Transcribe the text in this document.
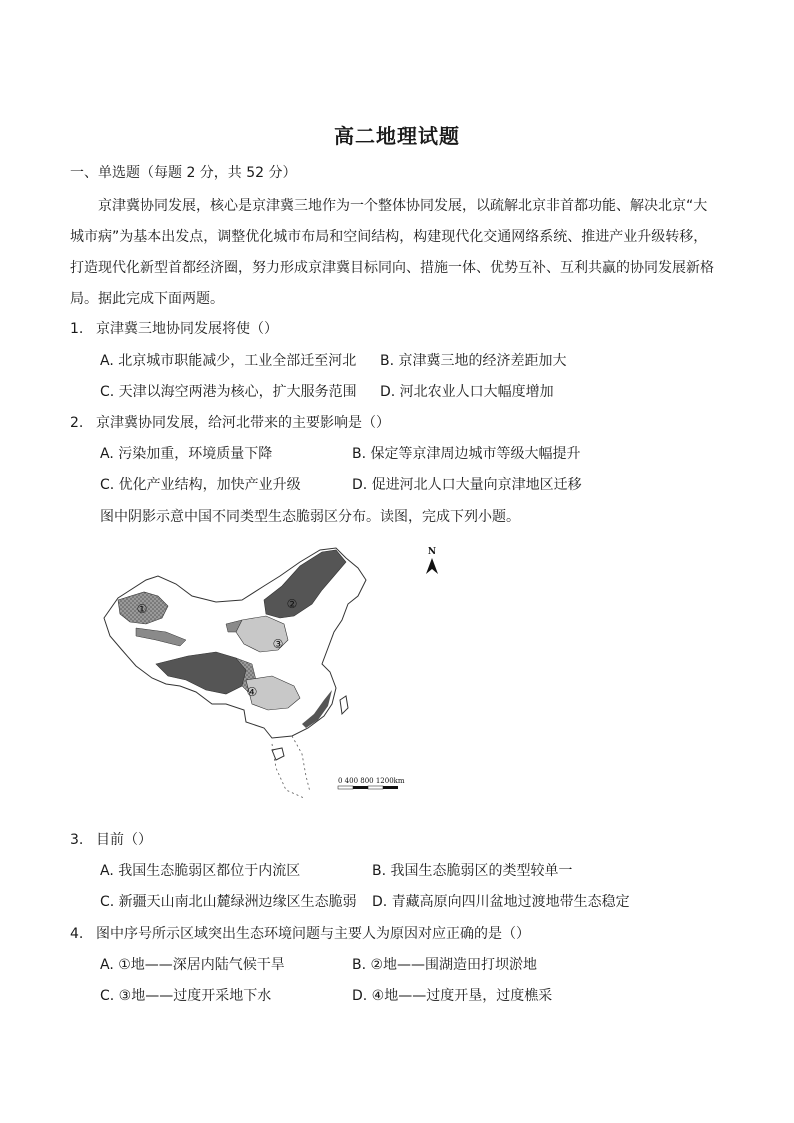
高二地理试题
一、单选题（每题 2 分，共 52 分）
京津冀协同发展，核心是京津冀三地作为一个整体协同发展，以疏解北京非首都功能、解决北京“大城市病”为基本出发点，调整优化城市布局和空间结构，构建现代化交通网络系统、推进产业升级转移，打造现代化新型首都经济圈，努力形成京津冀目标同向、措施一体、优势互补、互利共赢的协同发展新格局。据此完成下面两题。
1. 京津冀三地协同发展将使（）
A. 北京城市职能减少，工业全部迁至河北 B. 京津冀三地的经济差距加大
C. 天津以海空两港为核心，扩大服务范围 D. 河北农业人口大幅度增加
2. 京津冀协同发展，给河北带来的主要影响是（）
A. 污染加重，环境质量下降	B. 保定等京津周边城市等级大幅提升
C. 优化产业结构，加快产业升级	D. 促进河北人口大量向京津地区迁移
图中阴影示意中国不同类型生态脆弱区分布。读图，完成下列小题。
①	②
③
④
N
0 400 800 1200km
3. 目前（）
A. 我国生态脆弱区都位于内流区	B. 我国生态脆弱区的类型较单一
C. 新疆天山南北山麓绿洲边缘区生态脆弱 D. 青藏高原向四川盆地过渡地带生态稳定
4. 图中序号所示区域突出生态环境问题与主要人为原因对应正确的是（）
A. ①地——深居内陆气候干旱	B. ②地——围湖造田打坝淤地
C. ③地——过度开采地下水	D. ④地——过度开垦，过度樵采
